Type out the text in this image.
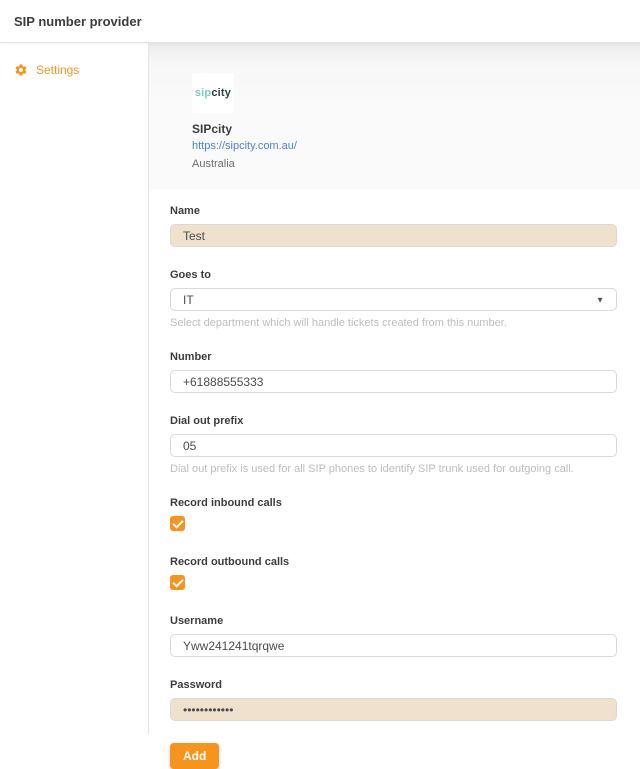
SIP number provider
Settings
sip city
SIPcity
https://sipcity.com.au/
Australia
Name
Test
Goes to
IT	▼
Select department which will handle tickets created from this number.
Number
+61888555333
Dial out prefix
05
Dial out prefix is used for all SIP phones to identify SIP trunk used for outgoing call.
Record inbound calls
Record outbound calls
Username
Yww241241tqrqwe
Password
••••••••••••
Add
